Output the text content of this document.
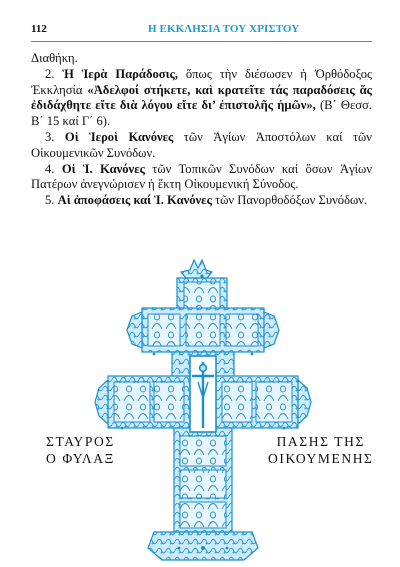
112	Η ΕΚΚΛΗΣΙΑ ΤΟΥ ΧΡΙΣΤΟΥ

Διαθήκη.

2. Ἡ Ἱερὰ Παράδοσις, ὅπως τὴν διέσωσεν ἡ Ὀρθόδοξος Ἐκκλησία «Ἀδελφοί στήκετε, καὶ κρατεῖτε τάς παραδόσεις ἅς ἐδιδάχθητε εἴτε διὰ λόγου εἴτε δι’ ἐπιστολῆς ἡμῶν», (Β΄ Θεσσ. Β΄ 15 καί Γ΄ 6).

3. Οἱ Ἱεροὶ Κανόνες τῶν Ἁγίων Ἀποστόλων καί τῶν Οἰκουμενικῶν Συνόδων.

4. Οἱ Ἱ. Κανόνες τῶν Τοπικῶν Συνόδων καί ὅσων Ἁγίων Πατέρων ἀνεγνώρισεν ἡ ἕκτη Οἰκουμενική Σύνοδος.

5. Αἱ ἀποφάσεις καί Ἱ. Κανόνες τῶν Πανορθοδόξων Συνόδων.

ΣΤΑΥΡΟΣ
Ο ΦΥΛΑΞ
ΠΑΣΗΣ ΤΗΣ
ΟΙΚΟΥΜΕΝΗΣ
